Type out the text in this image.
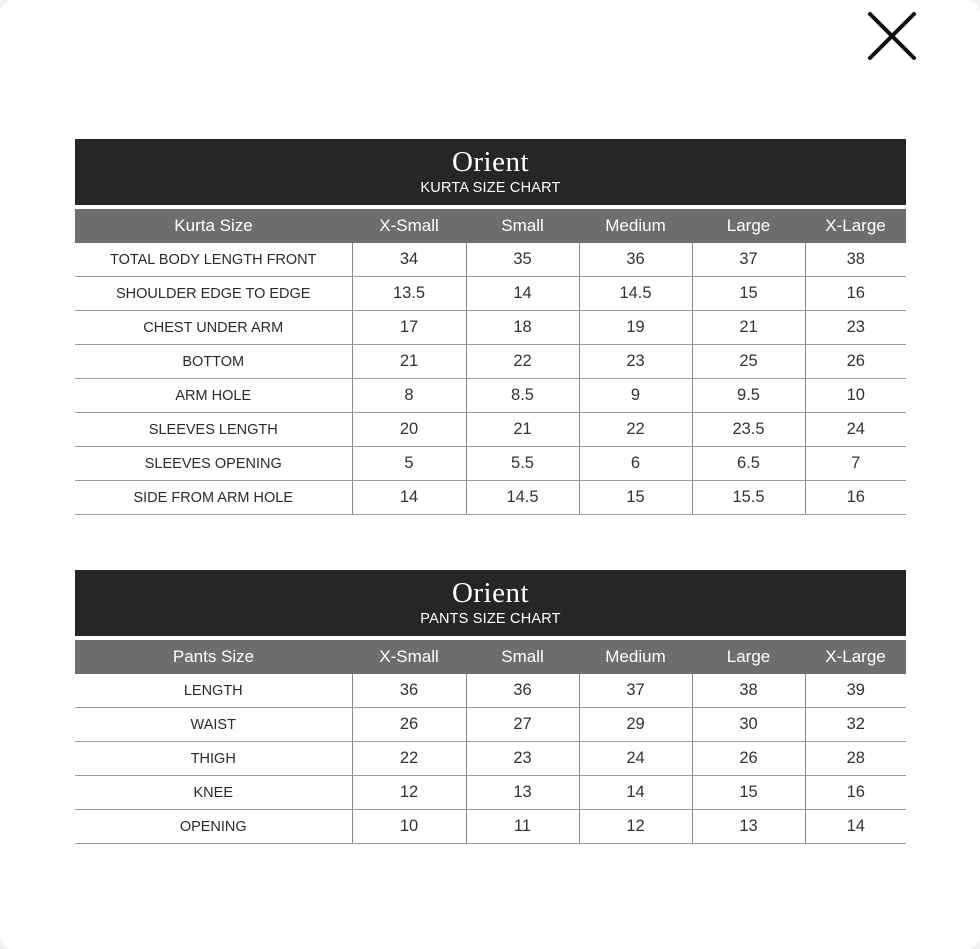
Orient
KURTA SIZE CHART
Kurta Size	X-Small	Small	Medium	Large	X-Large
TOTAL BODY LENGTH FRONT	34	35	36	37	38
SHOULDER EDGE TO EDGE	13.5	14	14.5	15	16
CHEST UNDER ARM	17	18	19	21	23
BOTTOM	21	22	23	25	26
ARM HOLE	8	8.5	9	9.5	10
SLEEVES LENGTH	20	21	22	23.5	24
SLEEVES OPENING	5	5.5	6	6.5	7
SIDE FROM ARM HOLE	14	14.5	15	15.5	16
Orient
PANTS SIZE CHART
Pants Size	X-Small	Small	Medium	Large	X-Large
LENGTH	36	36	37	38	39
WAIST	26	27	29	30	32
THIGH	22	23	24	26	28
KNEE	12	13	14	15	16
OPENING	10	11	12	13	14
